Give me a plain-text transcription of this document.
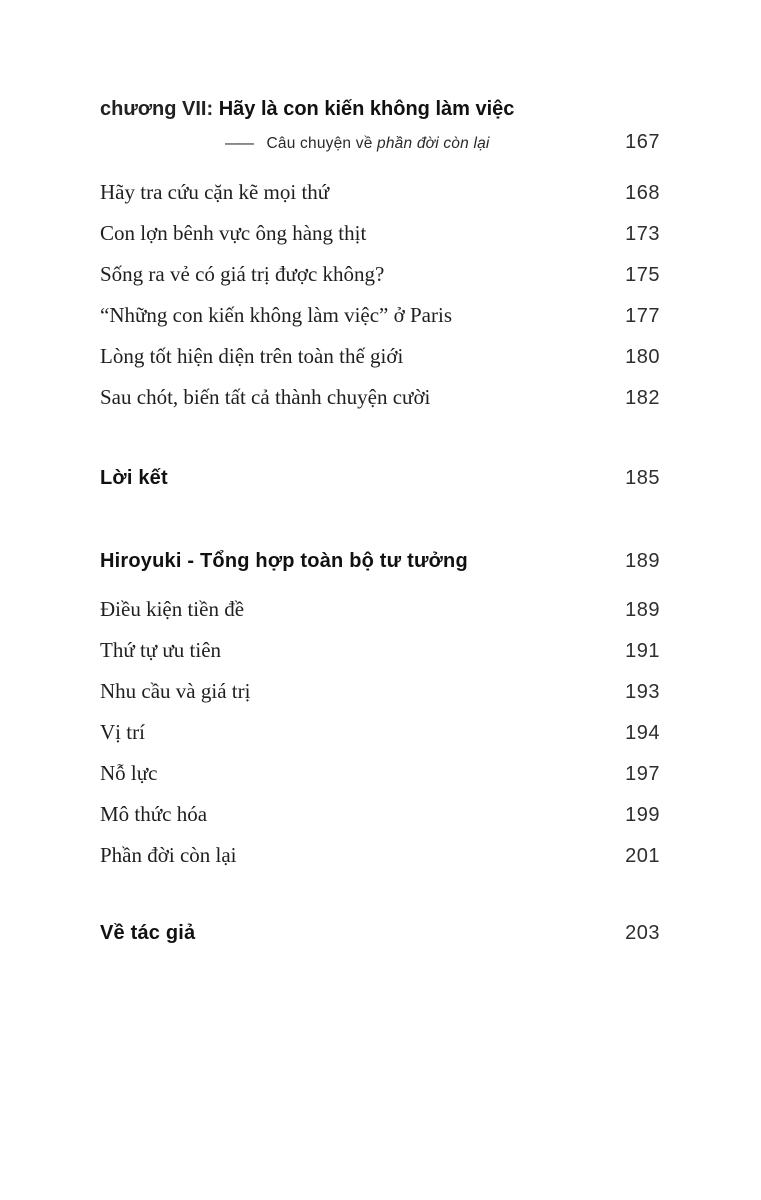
chương VII: Hãy là con kiến không làm việc
—— Câu chuyện về phần đời còn lại	167
Hãy tra cứu cặn kẽ mọi thứ	168
Con lợn bênh vực ông hàng thịt	173
Sống ra vẻ có giá trị được không?	175
“Những con kiến không làm việc” ở Paris	177
Lòng tốt hiện diện trên toàn thế giới	180
Sau chót, biến tất cả thành chuyện cười	182
Lời kết	185
Hiroyuki - Tổng hợp toàn bộ tư tưởng	189
Điều kiện tiền đề	189
Thứ tự ưu tiên	191
Nhu cầu và giá trị	193
Vị trí	194
Nỗ lực	197
Mô thức hóa	199
Phần đời còn lại	201
Về tác giả	203
